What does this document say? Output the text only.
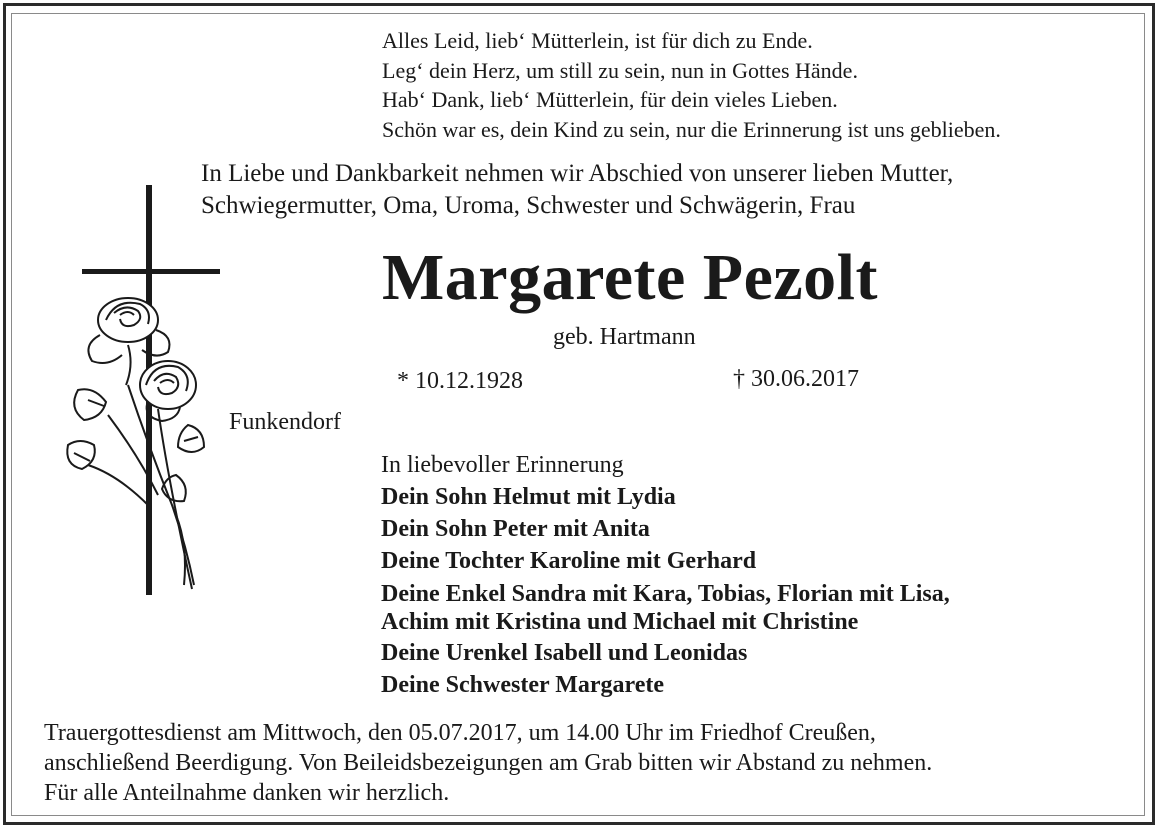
Alles Leid, lieb‘ Mütterlein, ist für dich zu Ende.
Leg‘ dein Herz, um still zu sein, nun in Gottes Hände.
Hab‘ Dank, lieb‘ Mütterlein, für dein vieles Lieben.
Schön war es, dein Kind zu sein, nur die Erinnerung ist uns geblieben.
In Liebe und Dankbarkeit nehmen wir Abschied von unserer lieben Mutter,
Schwiegermutter, Oma, Uroma, Schwester und Schwägerin, Frau
Margarete Pezolt
geb. Hartmann
* 10.12.1928	† 30.06.2017
Funkendorf
In liebevoller Erinnerung
Dein Sohn Helmut mit Lydia
Dein Sohn Peter mit Anita
Deine Tochter Karoline mit Gerhard
Deine Enkel Sandra mit Kara, Tobias, Florian mit Lisa,
Achim mit Kristina und Michael mit Christine
Deine Urenkel Isabell und Leonidas
Deine Schwester Margarete
Trauergottesdienst am Mittwoch, den 05.07.2017, um 14.00 Uhr im Friedhof Creußen,
anschließend Beerdigung. Von Beileidsbezeigungen am Grab bitten wir Abstand zu nehmen.
Für alle Anteilnahme danken wir herzlich.
